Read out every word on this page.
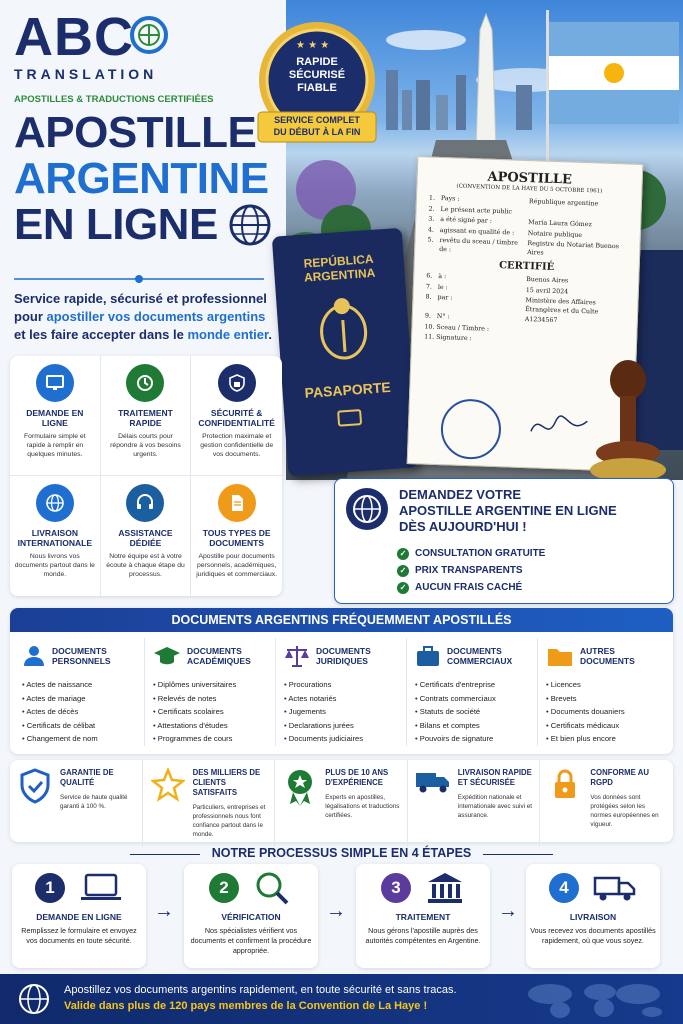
★ ★ ★
RAPIDE
SÉCURISÉ
FIABLE
SERVICE COMPLET
DU DÉBUT À LA FIN
ABC
TRANSLATION
APOSTILLES & TRADUCTIONS CERTIFIÉES
APOSTILLE
ARGENTINE
EN LIGNE
Service rapide, sécurisé et professionnel
pour apostiller vos documents argentins
et les faire accepter dans le monde entier.
REPÚBLICA
ARGENTINA
PASAPORTE
APOSTILLE
(CONVENTION DE LA HAYE DU 5 OCTOBRE 1961)
1. Pays :	République argentine
2. Le présent acte public
3. a été signé par :	María Laura Gómez
4. agissant en qualité de :	Notaire publique
5. revêtu du sceau / timbre de :	Registre du Notariat Buenos Aires
CERTIFIÉ
6. à :	Buenos Aires
7. le :	15 avril 2024
8. par :	Ministère des Affaires Étrangères et du Culte
9. N° :	A1234567
10. Sceau / Timbre :
11. Signature :
DEMANDE EN LIGNE
Formulaire simple et rapide à remplir en quelques minutes.
TRAITEMENT RAPIDE
Délais courts pour répondre à vos besoins urgents.
SÉCURITÉ & CONFIDENTIALITÉ
Protection maximale et gestion confidentielle de vos documents.
LIVRAISON INTERNATIONALE
Nous livrons vos documents partout dans le monde.
ASSISTANCE DÉDIÉE
Notre équipe est à votre écoute à chaque étape du processus.
TOUS TYPES DE DOCUMENTS
Apostille pour documents personnels, académiques, juridiques et commerciaux.
DEMANDEZ VOTRE
APOSTILLE ARGENTINE EN LIGNE
DÈS AUJOURD'HUI !
✓ CONSULTATION GRATUITE
✓ PRIX TRANSPARENTS
✓ AUCUN FRAIS CACHÉ
DOCUMENTS ARGENTINS FRÉQUEMMENT APOSTILLÉS
DOCUMENTS PERSONNELS
• Actes de naissance
• Actes de mariage
• Actes de décès
• Certificats de célibat
• Changement de nom
DOCUMENTS ACADÉMIQUES
• Diplômes universitaires
• Relevés de notes
• Certificats scolaires
• Attestations d'études
• Programmes de cours
DOCUMENTS JURIDIQUES
• Procurations
• Actes notariés
• Jugements
• Declarations jurées
• Documents judiciaires
DOCUMENTS COMMERCIAUX
• Certificats d'entreprise
• Contrats commerciaux
• Statuts de société
• Bilans et comptes
• Pouvoirs de signature
AUTRES DOCUMENTS
• Licences
• Brevets
• Documents douaniers
• Certificats médicaux
• Et bien plus encore
GARANTIE DE QUALITÉ
Service de haute qualité garanti à 100 %.
DES MILLIERS DE CLIENTS SATISFAITS
Particuliers, entreprises et professionnels nous font confiance partout dans le monde.
PLUS DE 10 ANS D'EXPÉRIENCE
Experts en apostilles, légalisations et traductions certifiées.
LIVRAISON RAPIDE ET SÉCURISÉE
Expédition nationale et internationale avec suivi et assurance.
CONFORME AU RGPD
Vos données sont protégées selon les normes européennes en vigueur.
NOTRE PROCESSUS SIMPLE EN 4 ÉTAPES
1
DEMANDE EN LIGNE
Remplissez le formulaire et envoyez vos documents en toute sécurité.
→
2
VÉRIFICATION
Nos spécialistes vérifient vos documents et confirment la procédure appropriée.
→
3
TRAITEMENT
Nous gérons l'apostille auprès des autorités compétentes en Argentine.
→
4
LIVRAISON
Vous recevez vos documents apostillés rapidement, où que vous soyez.
Apostillez vos documents argentins rapidement, en toute sécurité et sans tracas.
Valide dans plus de 120 pays membres de la Convention de La Haye !
